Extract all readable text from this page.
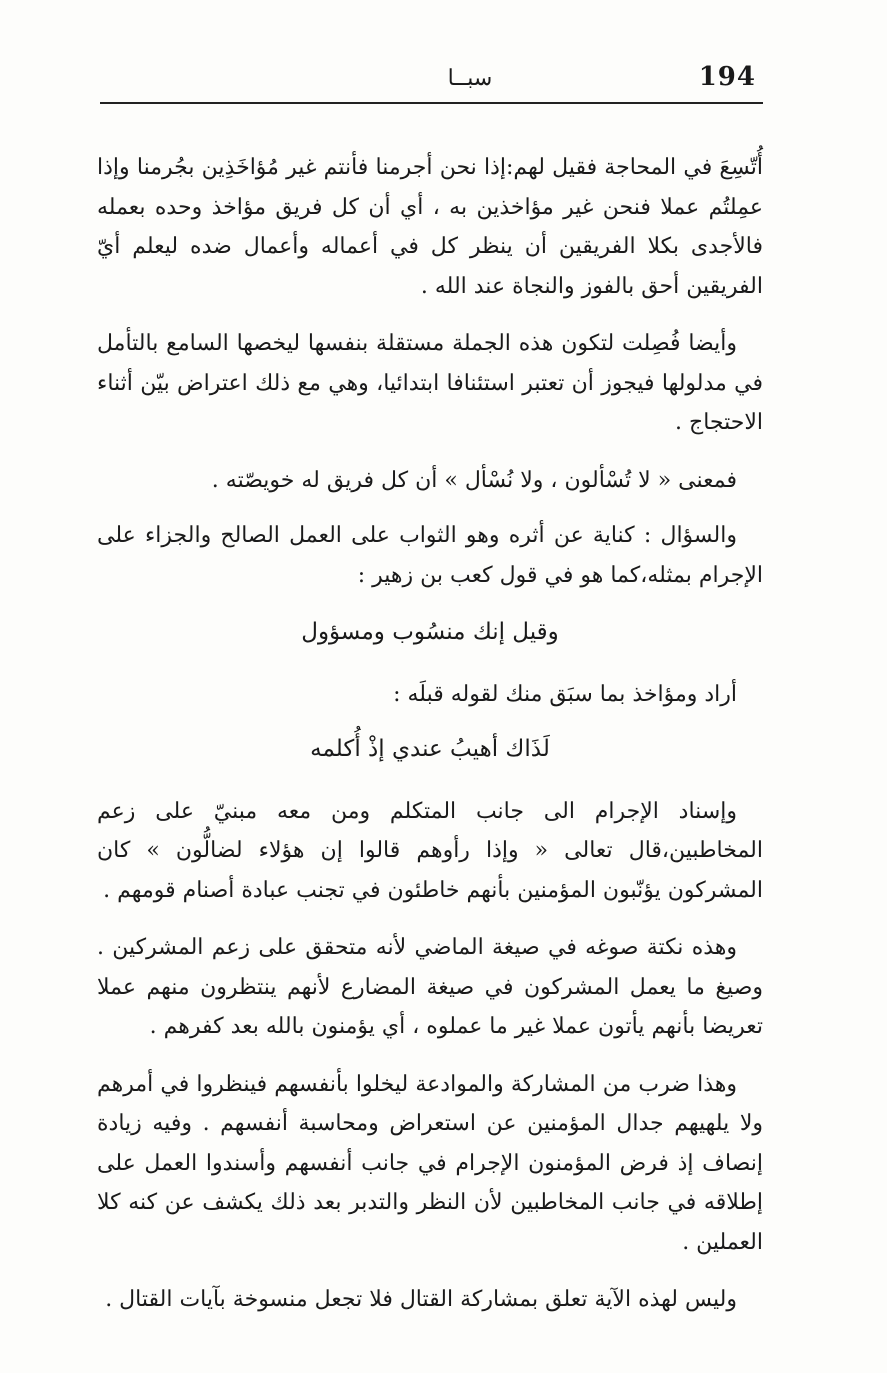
سبــا	194

أُتّسِعَ في المحاجة فقيل لهم:إذا نحن أجرمنا فأنتم غير مُؤاخَذِين بجُرمنا وإذا عمِلتُم عملا فنحن غير مؤاخذين به ، أي أن كل فريق مؤاخذ وحده بعمله فالأجدى بكلا الفريقين أن ينظر كل في أعماله وأعمال ضده ليعلم أيّ الفريقين أحق بالفوز والنجاة عند الله .

وأيضا فُصِلت لتكون هذه الجملة مستقلة بنفسها ليخصها السامع بالتأمل في مدلولها فيجوز أن تعتبر استئنافا ابتدائيا، وهي مع ذلك اعتراض بيّن أثناء الاحتجاج .

فمعنى « لا تُسْألون ، ولا نُسْأل » أن كل فريق له خويصّته .

والسؤال : كناية عن أثره وهو الثواب على العمل الصالح والجزاء على الإجرام بمثله،كما هو في قول كعب بن زهير :

وقيل إنك منسُوب ومسؤول

أراد ومؤاخذ بما سبَق منك لقوله قبلَه :

لَذَاك أهيبُ عندي إذْ أُكلمه

وإسناد الإجرام الى جانب المتكلم ومن معه مبنيّ على زعم المخاطبين،قال تعالى « وإذا رأوهم قالوا إن هؤلاء لضالُّون » كان المشركون يؤنّبون المؤمنين بأنهم خاطئون في تجنب عبادة أصنام قومهم .

وهذه نكتة صوغه في صيغة الماضي لأنه متحقق على زعم المشركين . وصيغ ما يعمل المشركون في صيغة المضارع لأنهم ينتظرون منهم عملا تعريضا بأنهم يأتون عملا غير ما عملوه ، أي يؤمنون بالله بعد كفرهم .

وهذا ضرب من المشاركة والموادعة ليخلوا بأنفسهم فينظروا في أمرهم ولا يلهيهم جدال المؤمنين عن استعراض ومحاسبة أنفسهم . وفيه زيادة إنصاف إذ فرض المؤمنون الإجرام في جانب أنفسهم وأسندوا العمل على إطلاقه في جانب المخاطبين لأن النظر والتدبر بعد ذلك يكشف عن كنه كلا العملين .

وليس لهذه الآية تعلق بمشاركة القتال فلا تجعل منسوخة بآيات القتال .
